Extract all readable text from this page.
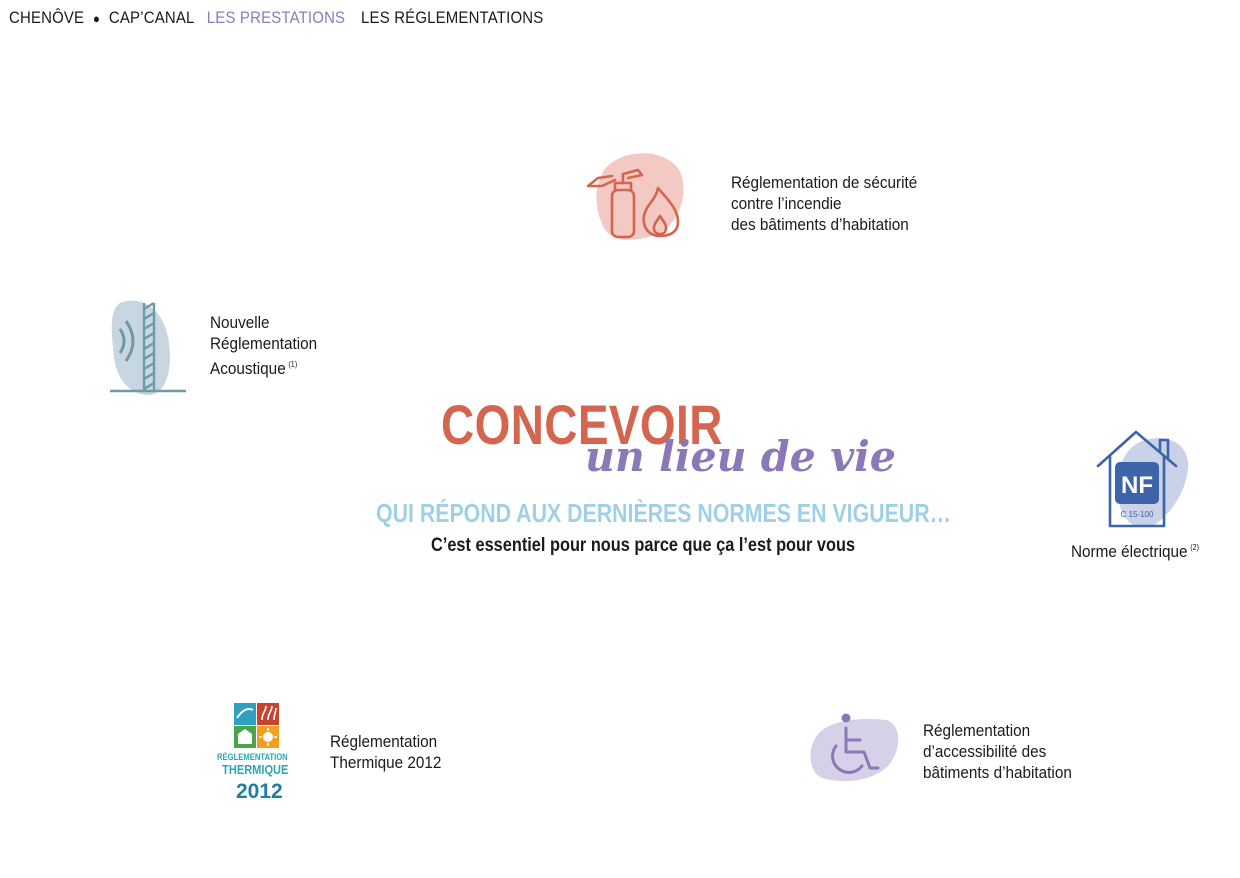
CHENÔVE ● CAP’CANAL LES PRESTATIONS LES RÉGLEMENTATIONS
Réglementation de sécurité
contre l’incendie
des bâtiments d’habitation
Nouvelle
Réglementation
Acoustique $^{(1)}$
CONCEVOIR
un lieu de vie
QUI RÉPOND AUX DERNIÈRES NORMES EN VIGUEUR…
C’est essentiel pour nous parce que ça l’est pour vous
NF
C 15-100
Norme électrique $^{(2)}$
RÉGLEMENTATION
THERMIQUE
2012
Réglementation
Thermique 2012
Réglementation
d’accessibilité des
bâtiments d’habitation
